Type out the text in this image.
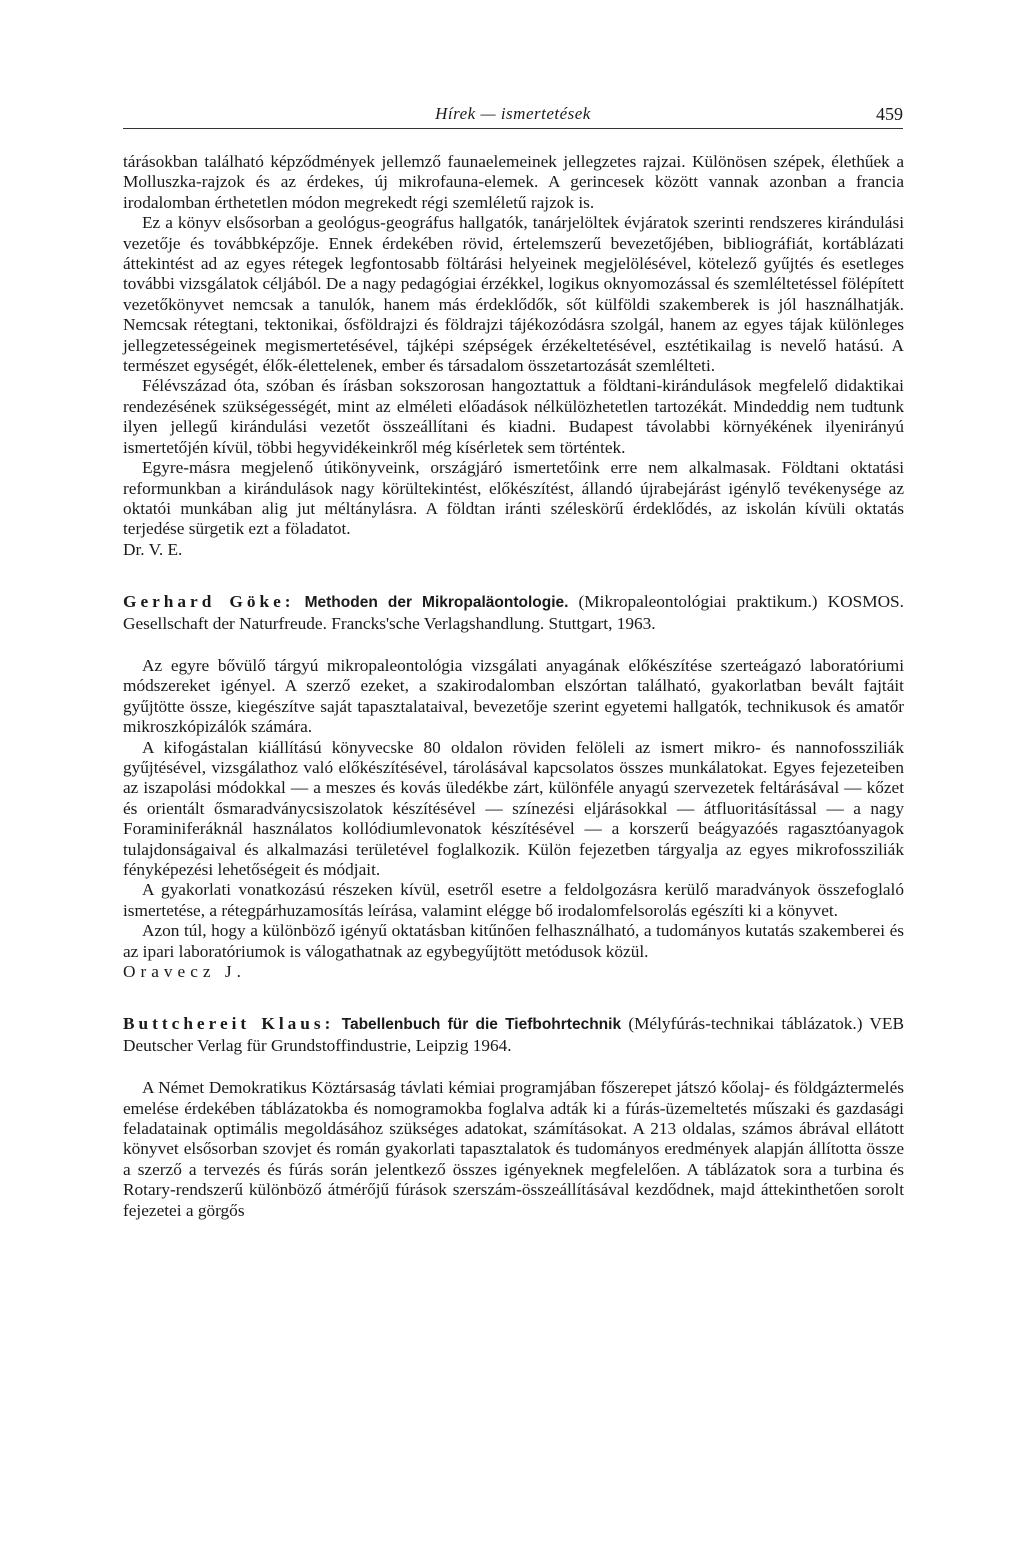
Hírek — ismertetések	459

tárásokban található képződmények jellemző faunaelemeinek jellegzetes rajzai. Különösen szépek, élethűek a Molluszka-rajzok és az érdekes, új mikrofauna-elemek. A gerincesek között vannak azonban a francia irodalomban érthetetlen módon megrekedt régi szemléletű rajzok is.

Ez a könyv elsősorban a geológus-geográfus hallgatók, tanárjelöltek évjáratok szerinti rendszeres kirándulási vezetője és továbbképzője. Ennek érdekében rövid, értelemszerű bevezetőjében, bibliográfiát, kortáblázati áttekintést ad az egyes rétegek legfontosabb föltárási helyeinek megjelölésével, kötelező gyűjtés és esetleges további vizsgálatok céljából. De a nagy pedagógiai érzékkel, logikus oknyomozással és szemléltetéssel fölépített vezetőkönyvet nemcsak a tanulók, hanem más érdeklődők, sőt külföldi szakemberek is jól használhatják. Nemcsak rétegtani, tektonikai, ősföldrajzi és földrajzi tájékozódásra szolgál, hanem az egyes tájak különleges jellegzetességeinek megismertetésével, tájképi szépségek érzékeltetésével, esztétikailag is nevelő hatású. A természet egységét, élők-élettelenek, ember és társadalom összetartozását szemlélteti.

Félévszázad óta, szóban és írásban sokszorosan hangoztattuk a földtani-kirándulások megfelelő didaktikai rendezésének szükségességét, mint az elméleti előadások nélkülözhetetlen tartozékát. Mindeddig nem tudtunk ilyen jellegű kirándulási vezetőt összeállítani és kiadni. Budapest távolabbi környékének ilyenirányú ismertetőjén kívül, többi hegyvidékeinkről még kísérletek sem történtek.

Egyre-másra megjelenő útikönyveink, országjáró ismertetőink erre nem alkalmasak. Földtani oktatási reformunkban a kirándulások nagy körültekintést, előkészítést, állandó újrabejárást igénylő tevékenysége az oktatói munkában alig jut méltánylásra. A földtan iránti széleskörű érdeklődés, az iskolán kívüli oktatás terjedése sürgetik ezt a föladatot.

Dr. V. E.

Gerhard Göke: Methoden der Mikropaläontologie. (Mikropaleontológiai praktikum.) KOSMOS. Gesellschaft der Naturfreude. Francks'sche Verlagshandlung. Stuttgart, 1963.

Az egyre bővülő tárgyú mikropaleontológia vizsgálati anyagának előkészítése szerteágazó laboratóriumi módszereket igényel. A szerző ezeket, a szakirodalomban elszórtan található, gyakorlatban bevált fajtáit gyűjtötte össze, kiegészítve saját tapasztalataival, bevezetője szerint egyetemi hallgatók, technikusok és amatőr mikroszkópizálók számára.

A kifogástalan kiállítású könyvecske 80 oldalon röviden felöleli az ismert mikro- és nannofossziliák gyűjtésével, vizsgálathoz való előkészítésével, tárolásával kapcsolatos összes munkálatokat. Egyes fejezeteiben az iszapolási módokkal — a meszes és kovás üledékbe zárt, különféle anyagú szervezetek feltárásával — kőzet és orientált ősmaradványcsiszolatok készítésével — színezési eljárásokkal — átfluoritásítással — a nagy Foraminiferáknál használatos kollódiumlevonatok készítésével — a korszerű beágyazóés ragasztóanyagok tulajdonságaival és alkalmazási területével foglalkozik. Külön fejezetben tárgyalja az egyes mikrofossziliák fényképezési lehetőségeit és módjait.

A gyakorlati vonatkozású részeken kívül, esetről esetre a feldolgozásra kerülő maradványok összefoglaló ismertetése, a rétegpárhuzamosítás leírása, valamint elégge bő irodalomfelsorolás egészíti ki a könyvet.

Azon túl, hogy a különböző igényű oktatásban kitűnően felhasználható, a tudományos kutatás szakemberei és az ipari laboratóriumok is válogathatnak az egybegyűjtött metódusok közül.

Oravecz J.

Buttchereit Klaus: Tabellenbuch für die Tiefbohrtechnik (Mélyfúrás-technikai táblázatok.) VEB Deutscher Verlag für Grundstoffindustrie, Leipzig 1964.

A Német Demokratikus Köztársaság távlati kémiai programjában főszerepet játszó kőolaj- és földgáztermelés emelése érdekében táblázatokba és nomogramokba foglalva adták ki a fúrás-üzemeltetés műszaki és gazdasági feladatainak optimális megoldásához szükséges adatokat, számításokat. A 213 oldalas, számos ábrával ellátott könyvet elsősorban szovjet és román gyakorlati tapasztalatok és tudományos eredmények alapján állította össze a szerző a tervezés és fúrás során jelentkező összes igényeknek megfelelően. A táblázatok sora a turbina és Rotary-rendszerű különböző átmérőjű fúrások szerszám-összeállításával kezdődnek, majd áttekinthetően sorolt fejezetei a görgős
